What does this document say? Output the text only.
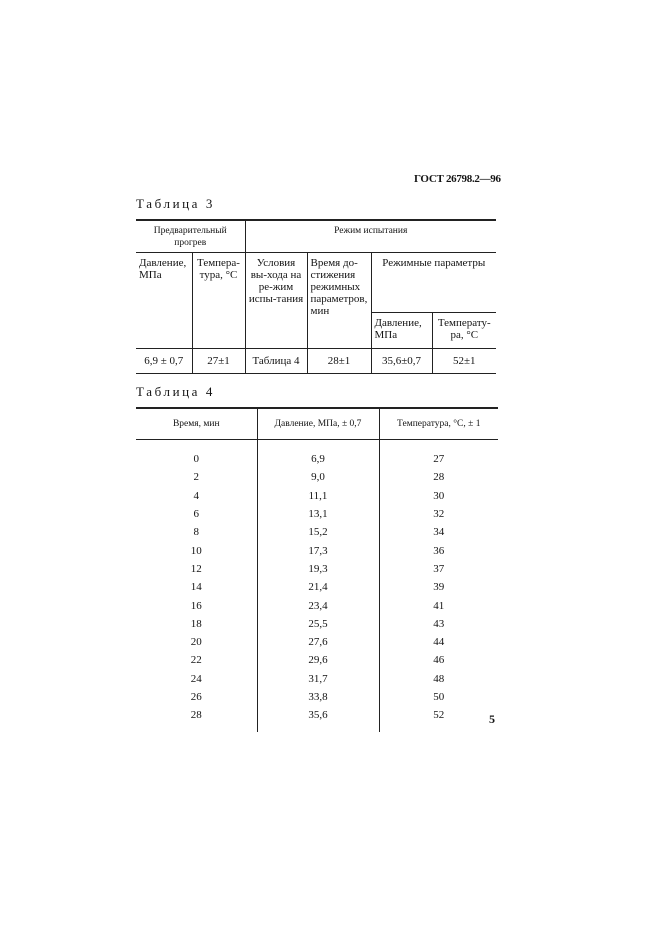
ГОСТ 26798.2—96
Таблица 3
Предварительный прогрев		Режим испытания			
Давление, МПа	Темпера-тура, °С	Условия вы-хода на ре-жим испы-тания	Время до-стижения режимных параметров, мин	Режимные параметры	
				Давление, МПа	Температу-ра, °С
6,9 ± 0,7	27±1	Таблица 4	28±1	35,6±0,7	52±1
Таблица 4
Время, мин	Давление, МПа, ± 0,7	Температура, °С, ± 1

0	6,9	27
2	9,0	28
4	11,1	30
6	13,1	32
8	15,2	34
10	17,3	36
12	19,3	37
14	21,4	39
16	23,4	41
18	25,5	43
20	27,6	44
22	29,6	46
24	31,7	48
26	33,8	50
28	35,6	52
			5
